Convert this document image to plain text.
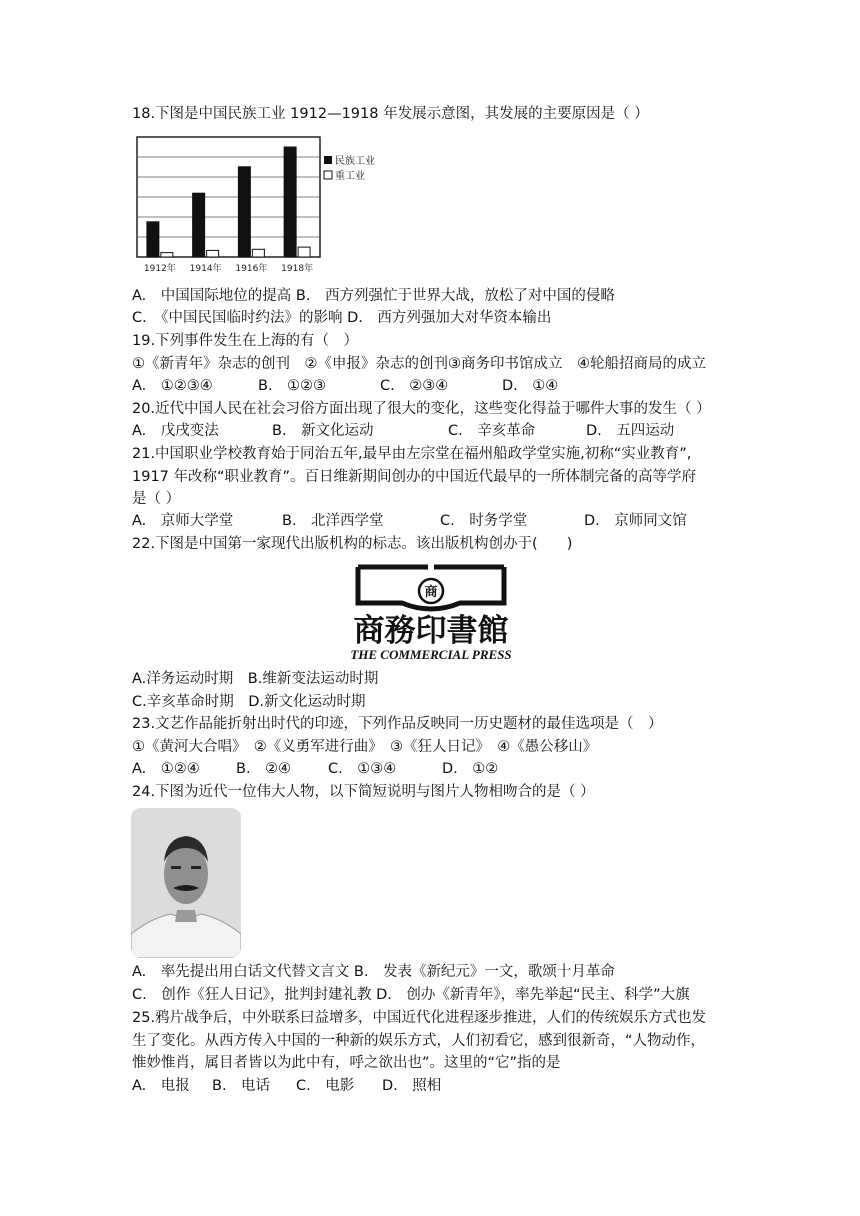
18.下图是中国民族工业 1912—1918 年发展示意图，其发展的主要原因是（ ）
1912年 1914年 1916年 1918年
民族工业
重工业
A.　中国国际地位的提高 B.　西方列强忙于世界大战，放松了对中国的侵略
C.　《中国民国临时约法》的影响 D.　西方列强加大对华资本输出
19.下列事件发生在上海的有（　）
①《新青年》杂志的创刊　②《申报》杂志的创刊③商务印书馆成立　④轮船招商局的成立
A.　①②③④	B.　①②③	C.　②③④	D.　①④
20.近代中国人民在社会习俗方面出现了很大的变化，这些变化得益于哪件大事的发生（ ）
A.　戊戌变法	B.　新文化运动	C.　辛亥革命	D.　五四运动
21.中国职业学校教育始于同治五年,最早由左宗堂在福州船政学堂实施,初称“实业教育”,
1917 年改称“职业教育”。百日维新期间创办的中国近代最早的一所体制完备的高等学府
是（ ）
A.　京师大学堂	B.　北洋西学堂	C.　时务学堂	D.　京师同文馆
22.下图是中国第一家现代出版机构的标志。该出版机构创办于(　　)
商
商務印書館
THE COMMERCIAL PRESS
A.洋务运动时期　B.维新变法运动时期
C.辛亥革命时期　D.新文化运动时期
23.文艺作品能折射出时代的印迹，下列作品反映同一历史题材的最佳选项是（　）
①《黄河大合唱》　②《义勇军进行曲》　③《狂人日记》　④《愚公移山》
A.　①②④ B.　②④	C.　①③④	D.　①②
24.下图为近代一位伟大人物，以下简短说明与图片人物相吻合的是（ ）
A.　率先提出用白话文代替文言文 B.　发表《新纪元》一文，歌颂十月革命
C.　创作《狂人日记》，批判封建礼教 D.　创办《新青年》，率先举起“民主、科学”大旗
25.鸦片战争后，中外联系曰益增多，中国近代化进程逐步推进，人们的传统娱乐方式也发
生了变化。从西方传入中国的一种新的娱乐方式，人们初看它，感到很新奇，“人物动作，
惟妙惟肖，属目者皆以为此中有，呼之欲出也”。这里的“它”指的是
A.　电报 B.　电话 C.　电影 D.　照相
